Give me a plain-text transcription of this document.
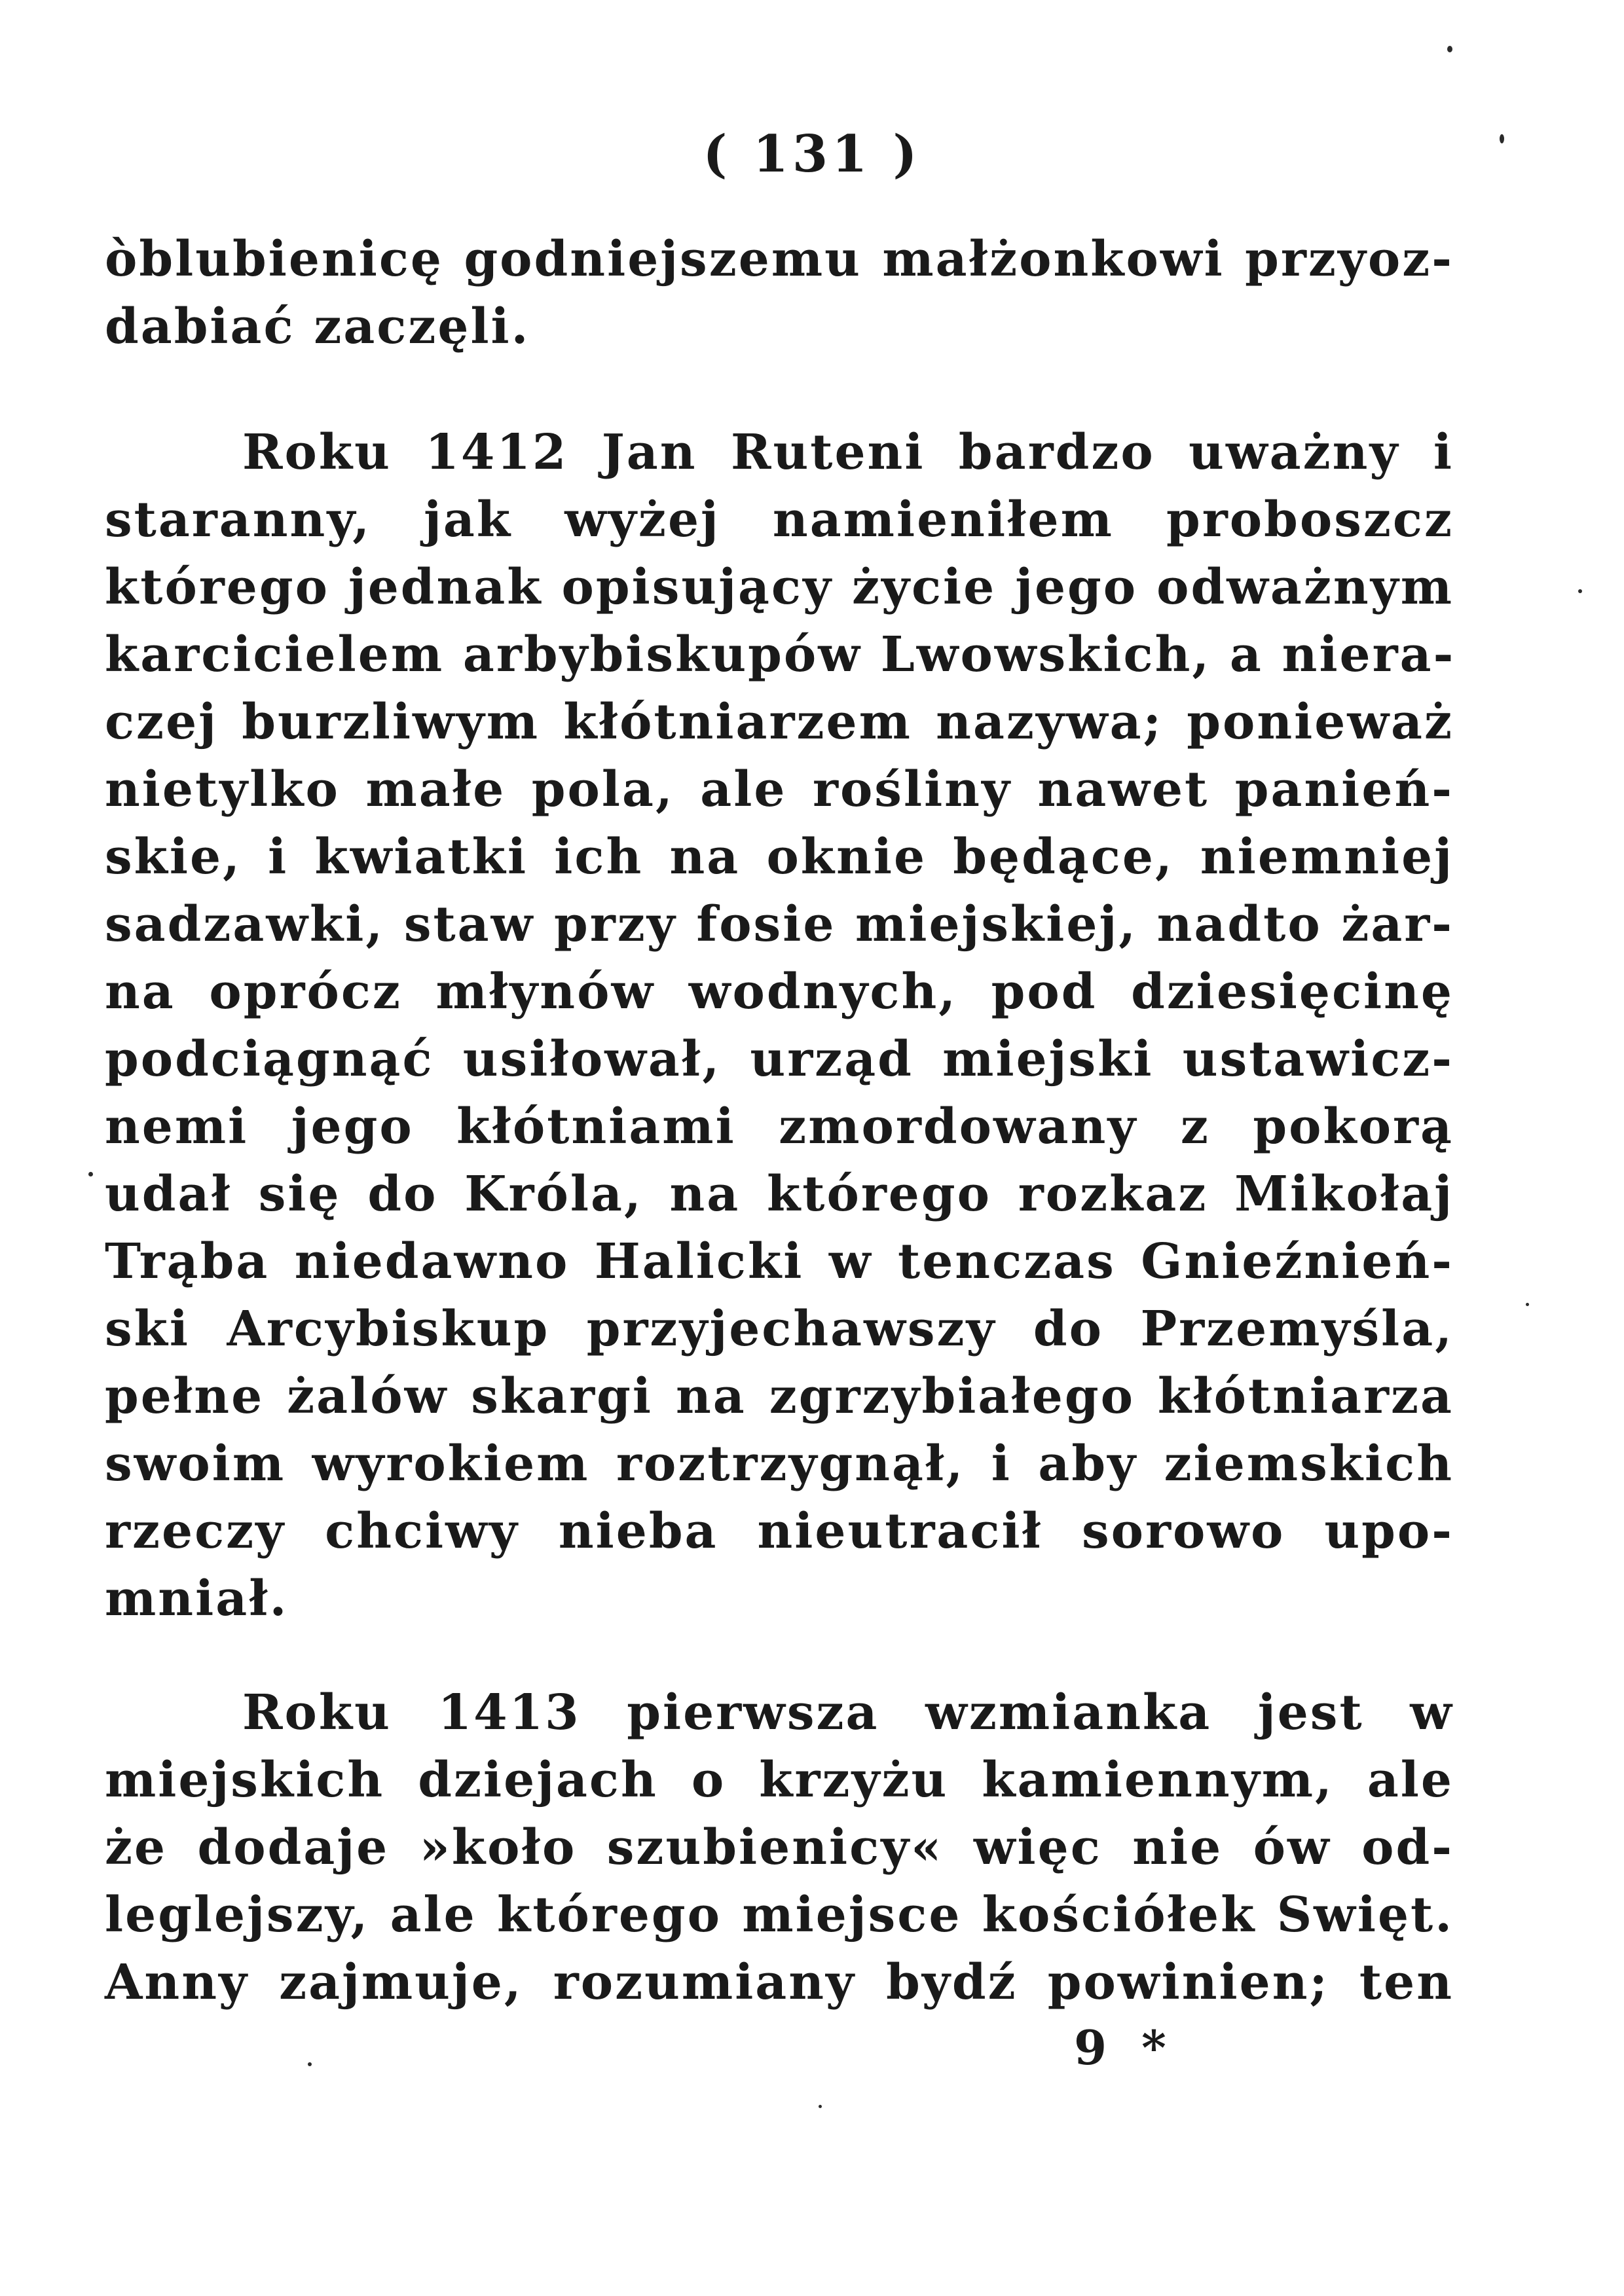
( 131 )
òblubienicę godniejszemu małżonkowi przyoz-
dabiać zaczęli.
Roku 1412 Jan Ruteni bardzo uważny i
staranny, jak wyżej namieniłem proboszcz
którego jednak opisujący życie jego odważnym
karcicielem arbybiskupów Lwowskich, a niera-
czej burzliwym kłótniarzem nazywa; ponieważ
nietylko małe pola, ale rośliny nawet panień-
skie, i kwiatki ich na oknie będące, niemniej
sadzawki, staw przy fosie miejskiej, nadto żar-
na oprócz młynów wodnych, pod dziesięcinę
podciągnąć usiłował, urząd miejski ustawicz-
nemi jego kłótniami zmordowany z pokorą
udał się do Króla, na którego rozkaz Mikołaj
Trąba niedawno Halicki w tenczas Gnieźnień-
ski Arcybiskup przyjechawszy do Przemyśla,
pełne żalów skargi na zgrzybiałego kłótniarza
swoim wyrokiem roztrzygnął, i aby ziemskich
rzeczy chciwy nieba nieutracił sorowo upo-
mniał.
Roku 1413 pierwsza wzmianka jest w
miejskich dziejach o krzyżu kamiennym, ale
że dodaje »koło szubienicy« więc nie ów od-
leglejszy, ale którego miejsce kościółek Swięt.
Anny zajmuje, rozumiany bydź powinien; ten
9 *
